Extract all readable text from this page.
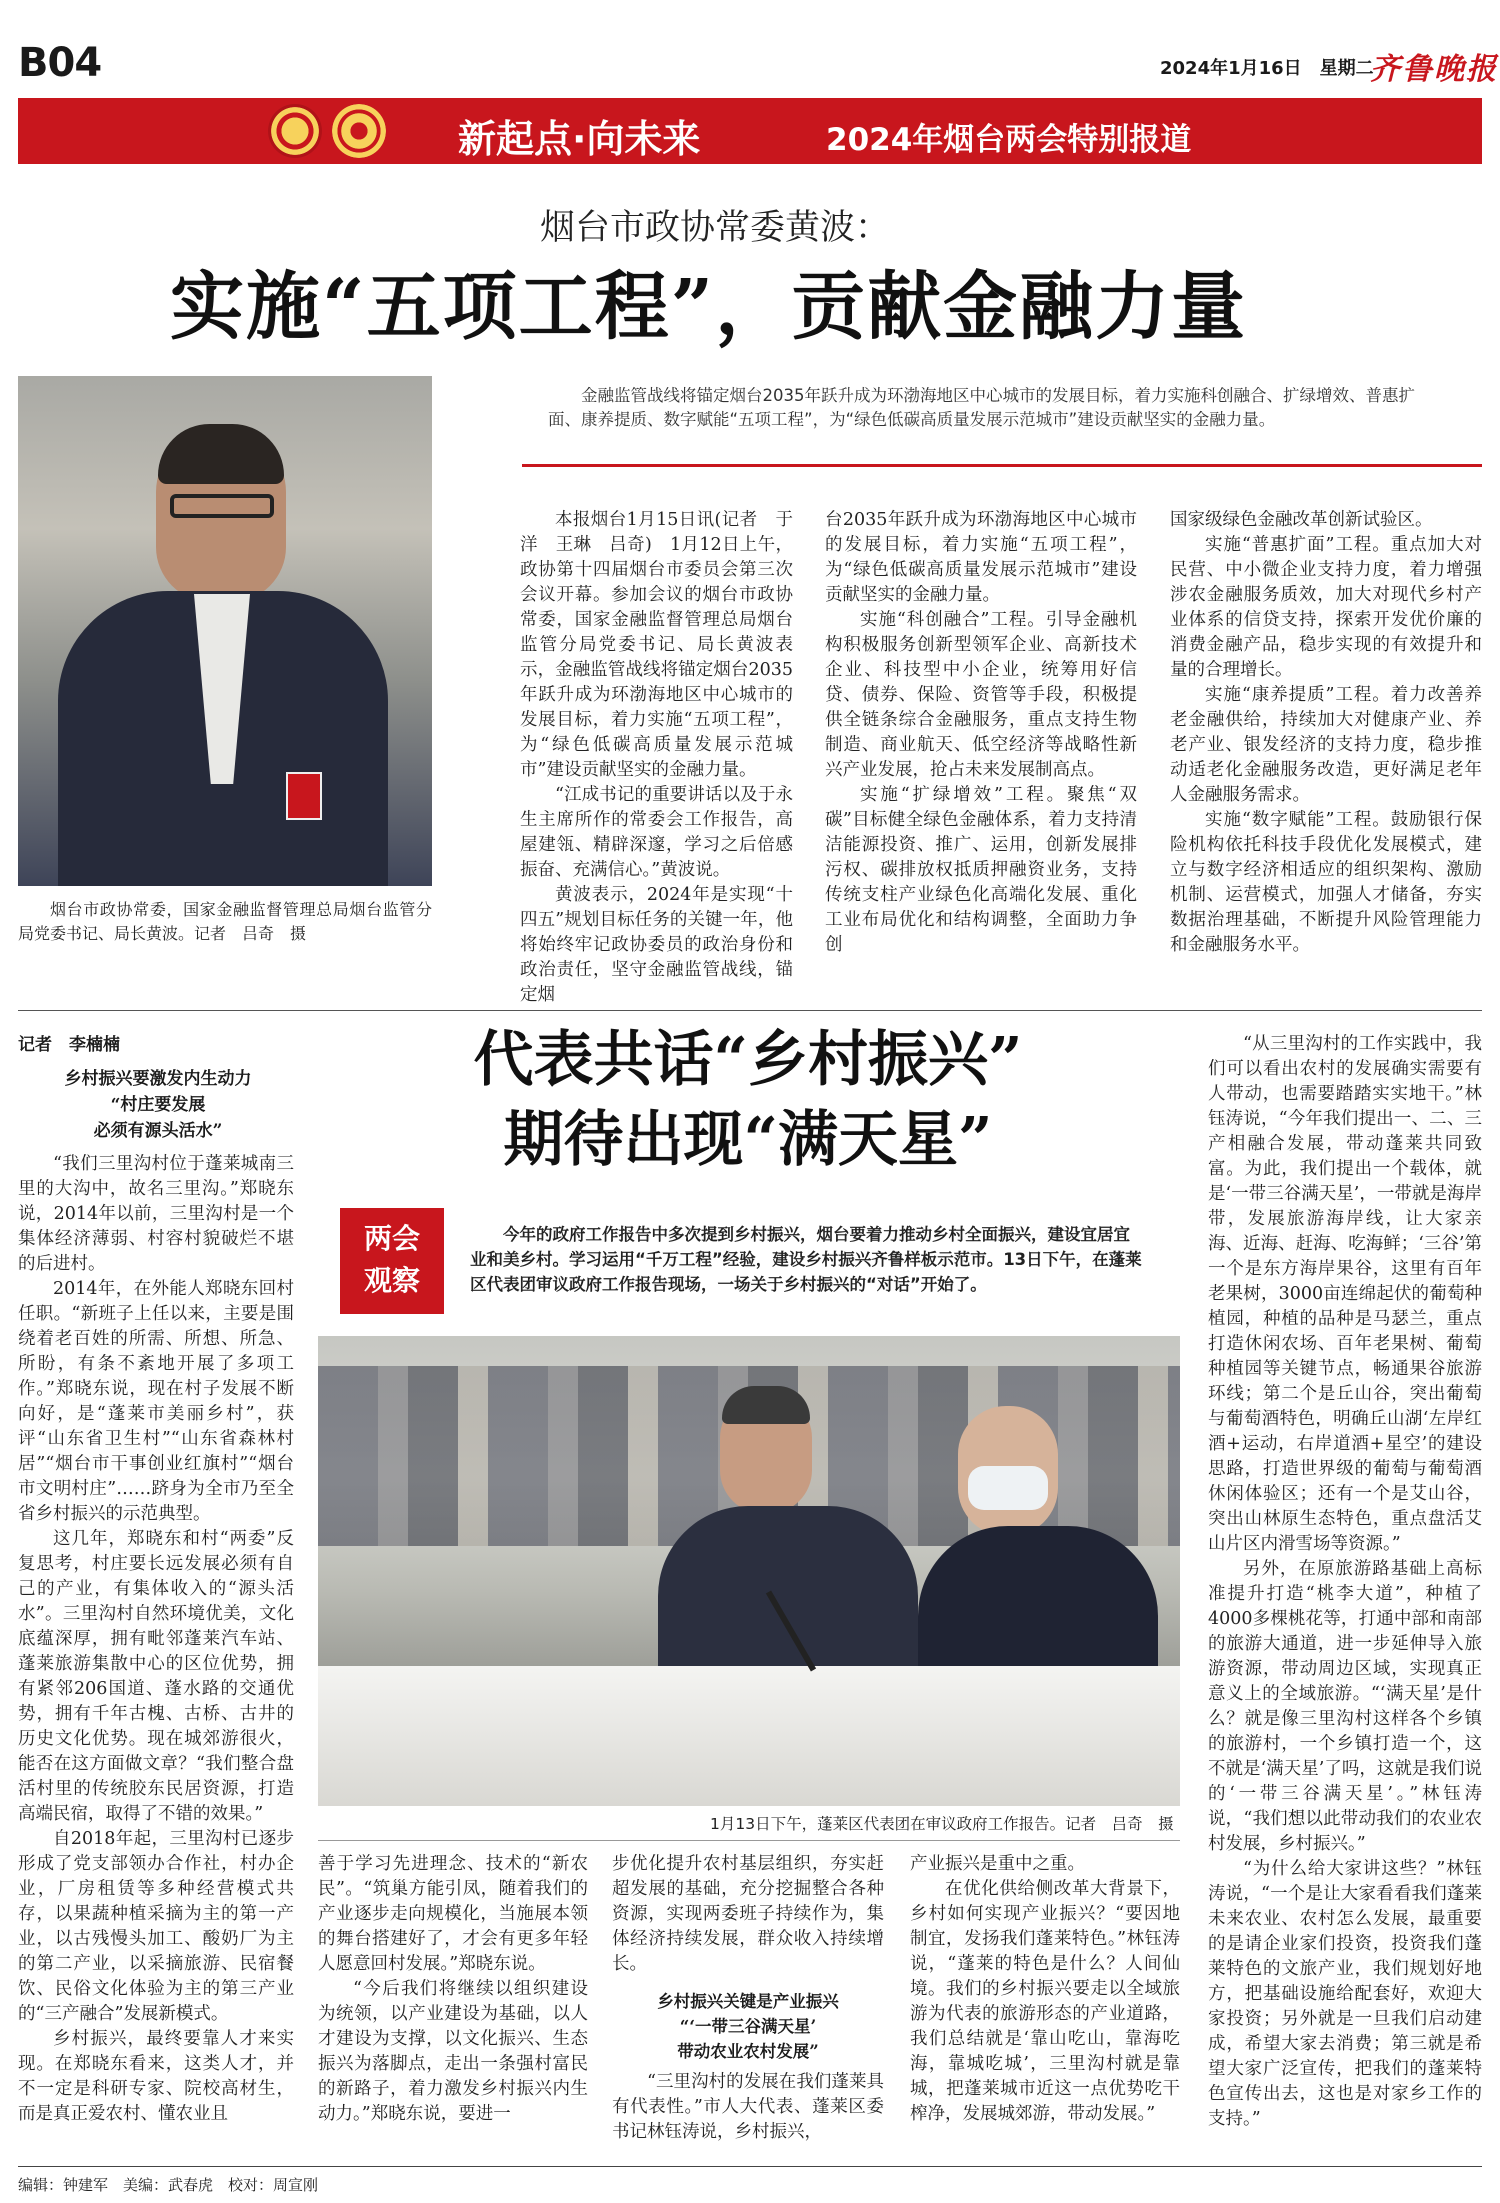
B04	2024年1月16日　 星期二
齐鲁晚报
新起点·向未来	2024年烟台两会特别报道
烟台市政协常委黄波：
实施“五项工程”，贡献金融力量
烟台市政协常委，国家金融监督管理总局烟台监管分局党委书记、局长黄波。记者　吕奇　摄
金融监管战线将锚定烟台2035年跃升成为环渤海地区中心城市的发展目标，着力实施科创融合、扩绿增效、普惠扩面、康养提质、数字赋能“五项工程”，为“绿色低碳高质量发展示范城市”建设贡献坚实的金融力量。

本报烟台1月15日讯(记者　于洋　王琳　吕奇)　1月12日上午，政协第十四届烟台市委员会第三次会议开幕。参加会议的烟台市政协常委，国家金融监督管理总局烟台监管分局党委书记、局长黄波表示，金融监管战线将锚定烟台2035年跃升成为环渤海地区中心城市的发展目标，着力实施“五项工程”，为“绿色低碳高质量发展示范城市”建设贡献坚实的金融力量。

“江成书记的重要讲话以及于永生主席所作的常委会工作报告，高屋建瓴、精辟深邃，学习之后倍感振奋、充满信心。”黄波说。

黄波表示，2024年是实现“十四五”规划目标任务的关键一年，他将始终牢记政协委员的政治身份和政治责任，坚守金融监管战线，锚定烟

台2035年跃升成为环渤海地区中心城市的发展目标，着力实施“五项工程”，为“绿色低碳高质量发展示范城市”建设贡献坚实的金融力量。

实施“科创融合”工程。引导金融机构积极服务创新型领军企业、高新技术企业、科技型中小企业，统筹用好信贷、债券、保险、资管等手段，积极提供全链条综合金融服务，重点支持生物制造、商业航天、低空经济等战略性新兴产业发展，抢占未来发展制高点。

实施“扩绿增效”工程。聚焦“双碳”目标健全绿色金融体系，着力支持清洁能源投资、推广、运用，创新发展排污权、碳排放权抵质押融资业务，支持传统支柱产业绿色化高端化发展、重化工业布局优化和结构调整，全面助力争创

国家级绿色金融改革创新试验区。

实施“普惠扩面”工程。重点加大对民营、中小微企业支持力度，着力增强涉农金融服务质效，加大对现代乡村产业体系的信贷支持，探索开发优价廉的消费金融产品，稳步实现的有效提升和量的合理增长。

实施“康养提质”工程。着力改善养老金融供给，持续加大对健康产业、养老产业、银发经济的支持力度，稳步推动适老化金融服务改造，更好满足老年人金融服务需求。

实施“数字赋能”工程。鼓励银行保险机构依托科技手段优化发展模式，建立与数字经济相适应的组织架构、激励机制、运营模式，加强人才储备，夯实数据治理基础，不断提升风险管理能力和金融服务水平。

记者　李楠楠
乡村振兴要激发内生动力
“村庄要发展
必须有源头活水”

“我们三里沟村位于蓬莱城南三里的大沟中，故名三里沟。”郑晓东说，2014年以前，三里沟村是一个集体经济薄弱、村容村貌破烂不堪的后进村。

2014年，在外能人郑晓东回村任职。“新班子上任以来，主要是围绕着老百姓的所需、所想、所急、所盼，有条不紊地开展了多项工作。”郑晓东说，现在村子发展不断向好，是“蓬莱市美丽乡村”，获评“山东省卫生村”“山东省森林村居”“烟台市干事创业红旗村”“烟台市文明村庄”……跻身为全市乃至全省乡村振兴的示范典型。

这几年，郑晓东和村“两委”反复思考，村庄要长远发展必须有自己的产业，有集体收入的“源头活水”。三里沟村自然环境优美，文化底蕴深厚，拥有毗邻蓬莱汽车站、蓬莱旅游集散中心的区位优势，拥有紧邻206国道、蓬水路的交通优势，拥有千年古槐、古桥、古井的历史文化优势。现在城郊游很火，能否在这方面做文章？“我们整合盘活村里的传统胶东民居资源，打造高端民宿，取得了不错的效果。”

自2018年起，三里沟村已逐步形成了党支部领办合作社，村办企业，厂房租赁等多种经营模式共存，以果蔬种植采摘为主的第一产业，以古残慢头加工、酸奶厂为主的第二产业，以采摘旅游、民宿餐饮、民俗文化体验为主的第三产业的“三产融合”发展新模式。

乡村振兴，最终要靠人才来实现。在郑晓东看来，这类人才，并不一定是科研专家、院校高材生，而是真正爱农村、懂农业且

代表共话“乡村振兴”
期待出现“满天星”
两会
观察
今年的政府工作报告中多次提到乡村振兴，烟台要着力推动乡村全面振兴，建设宜居宜业和美乡村。学习运用“千万工程”经验，建设乡村振兴齐鲁样板示范市。13日下午，在蓬莱区代表团审议政府工作报告现场，一场关于乡村振兴的“对话”开始了。
1月13日下午，蓬莱区代表团在审议政府工作报告。记者　吕奇　摄

善于学习先进理念、技术的“新农民”。“筑巢方能引凤，随着我们的产业逐步走向规模化，当施展本领的舞台搭建好了，才会有更多年轻人愿意回村发展。”郑晓东说。

“今后我们将继续以组织建设为统领，以产业建设为基础，以人才建设为支撑，以文化振兴、生态振兴为落脚点，走出一条强村富民的新路子，着力激发乡村振兴内生动力。”郑晓东说，要进一

步优化提升农村基层组织，夯实赶超发展的基础，充分挖掘整合各种资源，实现两委班子持续作为，集体经济持续发展，群众收入持续增长。

乡村振兴关键是产业振兴
“‘一带三谷满天星’
带动农业农村发展”

“三里沟村的发展在我们蓬莱具有代表性。”市人大代表、蓬莱区委书记林钰涛说，乡村振兴，

产业振兴是重中之重。

在优化供给侧改革大背景下，乡村如何实现产业振兴？“要因地制宜，发扬我们蓬莱特色。”林钰涛说，“蓬莱的特色是什么？人间仙境。我们的乡村振兴要走以全域旅游为代表的旅游形态的产业道路，我们总结就是‘靠山吃山，靠海吃海，靠城吃城’，三里沟村就是靠城，把蓬莱城市近这一点优势吃干榨净，发展城郊游，带动发展。”

“从三里沟村的工作实践中，我们可以看出农村的发展确实需要有人带动，也需要踏踏实实地干。”林钰涛说，“今年我们提出一、二、三产相融合发展，带动蓬莱共同致富。为此，我们提出一个载体，就是‘一带三谷满天星’，一带就是海岸带，发展旅游海岸线，让大家亲海、近海、赶海、吃海鲜；‘三谷’第一个是东方海岸果谷，这里有百年老果树，3000亩连绵起伏的葡萄种植园，种植的品种是马瑟兰，重点打造休闲农场、百年老果树、葡萄种植园等关键节点，畅通果谷旅游环线；第二个是丘山谷，突出葡萄与葡萄酒特色，明确丘山湖‘左岸红酒+运动，右岸道酒+星空’的建设思路，打造世界级的葡萄与葡萄酒休闲体验区；还有一个是艾山谷，突出山林原生态特色，重点盘活艾山片区内滑雪场等资源。”

另外，在原旅游路基础上高标准提升打造“桃李大道”，种植了4000多棵桃花等，打通中部和南部的旅游大通道，进一步延伸导入旅游资源，带动周边区域，实现真正意义上的全域旅游。“‘满天星’是什么？就是像三里沟村这样各个乡镇的旅游村，一个乡镇打造一个，这不就是‘满天星’了吗，这就是我们说的‘一带三谷满天星’。”林钰涛说，“我们想以此带动我们的农业农村发展，乡村振兴。”

“为什么给大家讲这些？”林钰涛说，“一个是让大家看看我们蓬莱未来农业、农村怎么发展，最重要的是请企业家们投资，投资我们蓬莱特色的文旅产业，我们规划好地方，把基础设施给配套好，欢迎大家投资；另外就是一旦我们启动建成，希望大家去消费；第三就是希望大家广泛宣传，把我们的蓬莱特色宣传出去，这也是对家乡工作的支持。”

编辑：钟建军　美编：武春虎　校对：周宣刚
